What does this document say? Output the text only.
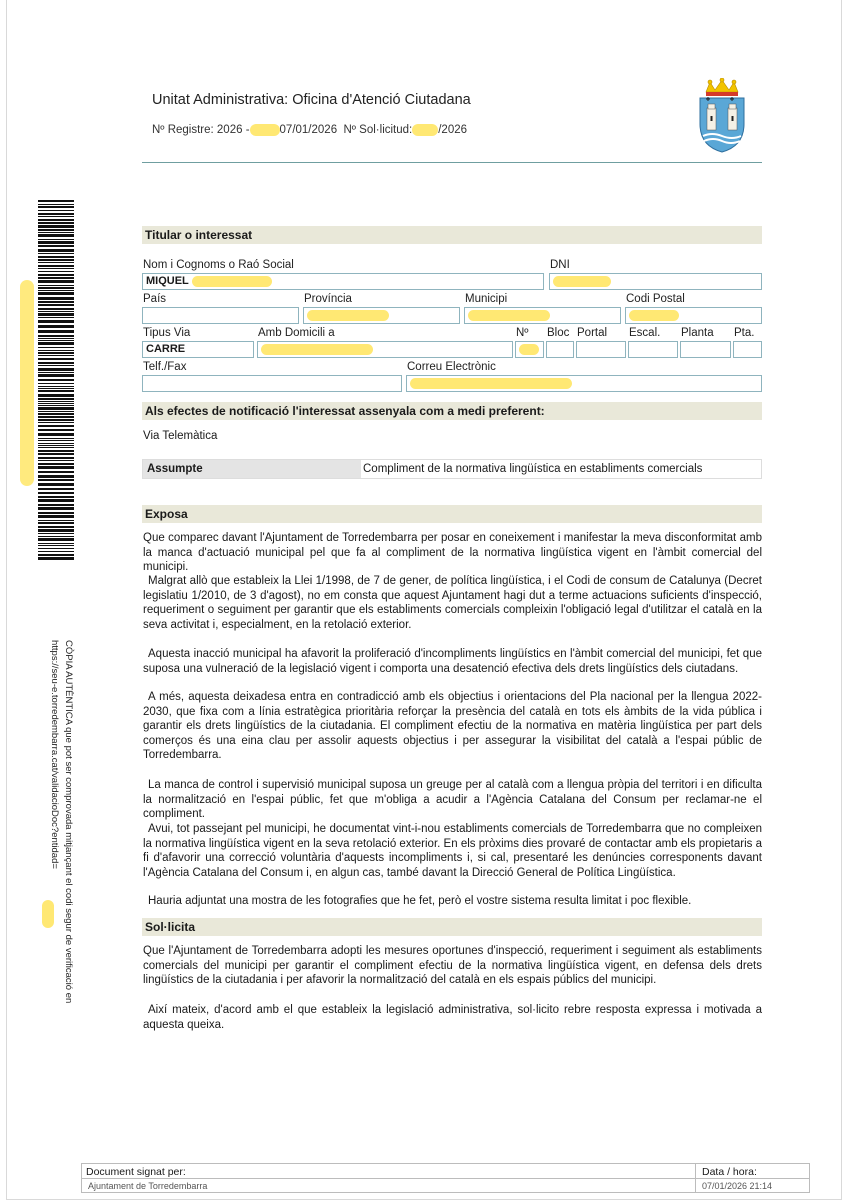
Unitat Administrativa: Oficina d'Atenció Ciutadana
Nº Registre: 2026 -	07/01/2026 Nº Sol·licitud: /2026
CÒPIA AUTÈNTICA que pot ser comprovada mitjançant el codi segur de verificació en
https://seu-e.torredembarra.cat/validacioDoc?entidad=
Titular o interessat
Nom i Cognoms o Raó Social	DNI
MIQUEL
País	Província	Municipi	Codi Postal
Tipus Via	Amb Domicili a	Nº Bloc Portal Escal. Planta Pta.
CARRE
Telf./Fax	Correu Electrònic
Als efectes de notificació l'interessat assenyala com a medi preferent:
Via Telemàtica
Assumpte	Compliment de la normativa lingüística en establiments comercials
Exposa
Que comparec davant l'Ajuntament de Torredembarra per posar en coneixement i manifestar la meva disconformitat amb la manca d'actuació municipal pel que fa al compliment de la normativa lingüística vigent en l'àmbit comercial del municipi.
Malgrat allò que estableix la Llei 1/1998, de 7 de gener, de política lingüística, i el Codi de consum de Catalunya (Decret legislatiu 1/2010, de 3 d'agost), no em consta que aquest Ajuntament hagi dut a terme actuacions suficients d'inspecció, requeriment o seguiment per garantir que els establiments comercials compleixin l'obligació legal d'utilitzar el català en la seva activitat i, especialment, en la retolació exterior.
Aquesta inacció municipal ha afavorit la proliferació d'incompliments lingüístics en l'àmbit comercial del municipi, fet que suposa una vulneració de la legislació vigent i comporta una desatenció efectiva dels drets lingüístics dels ciutadans.
A més, aquesta deixadesa entra en contradicció amb els objectius i orientacions del Pla nacional per la llengua 2022-2030, que fixa com a línia estratègica prioritària reforçar la presència del català en tots els àmbits de la vida pública i garantir els drets lingüístics de la ciutadania. El compliment efectiu de la normativa en matèria lingüística per part dels comerços és una eina clau per assolir aquests objectius i per assegurar la visibilitat del català a l'espai públic de Torredembarra.
La manca de control i supervisió municipal suposa un greuge per al català com a llengua pròpia del territori i en dificulta la normalització en l'espai públic, fet que m'obliga a acudir a l'Agència Catalana del Consum per reclamar-ne el compliment.
Avui, tot passejant pel municipi, he documentat vint-i-nou establiments comercials de Torredembarra que no compleixen la normativa lingüística vigent en la seva retolació exterior. En els pròxims dies provaré de contactar amb els propietaris a fi d'afavorir una correcció voluntària d'aquests incompliments i, si cal, presentaré les denúncies corresponents davant l'Agència Catalana del Consum i, en algun cas, també davant la Direcció General de Política Lingüística.
Hauria adjuntat una mostra de les fotografies que he fet, però el vostre sistema resulta limitat i poc flexible.
Sol·licita
Que l'Ajuntament de Torredembarra adopti les mesures oportunes d'inspecció, requeriment i seguiment als establiments comercials del municipi per garantir el compliment efectiu de la normativa lingüística vigent, en defensa dels drets lingüístics de la ciutadania i per afavorir la normalització del català en els espais públics del municipi.
Així mateix, d'acord amb el que estableix la legislació administrativa, sol·licito rebre resposta expressa i motivada a aquesta queixa.
Document signat per:
Ajuntament de Torredembarra
Data / hora:
07/01/2026 21:14
